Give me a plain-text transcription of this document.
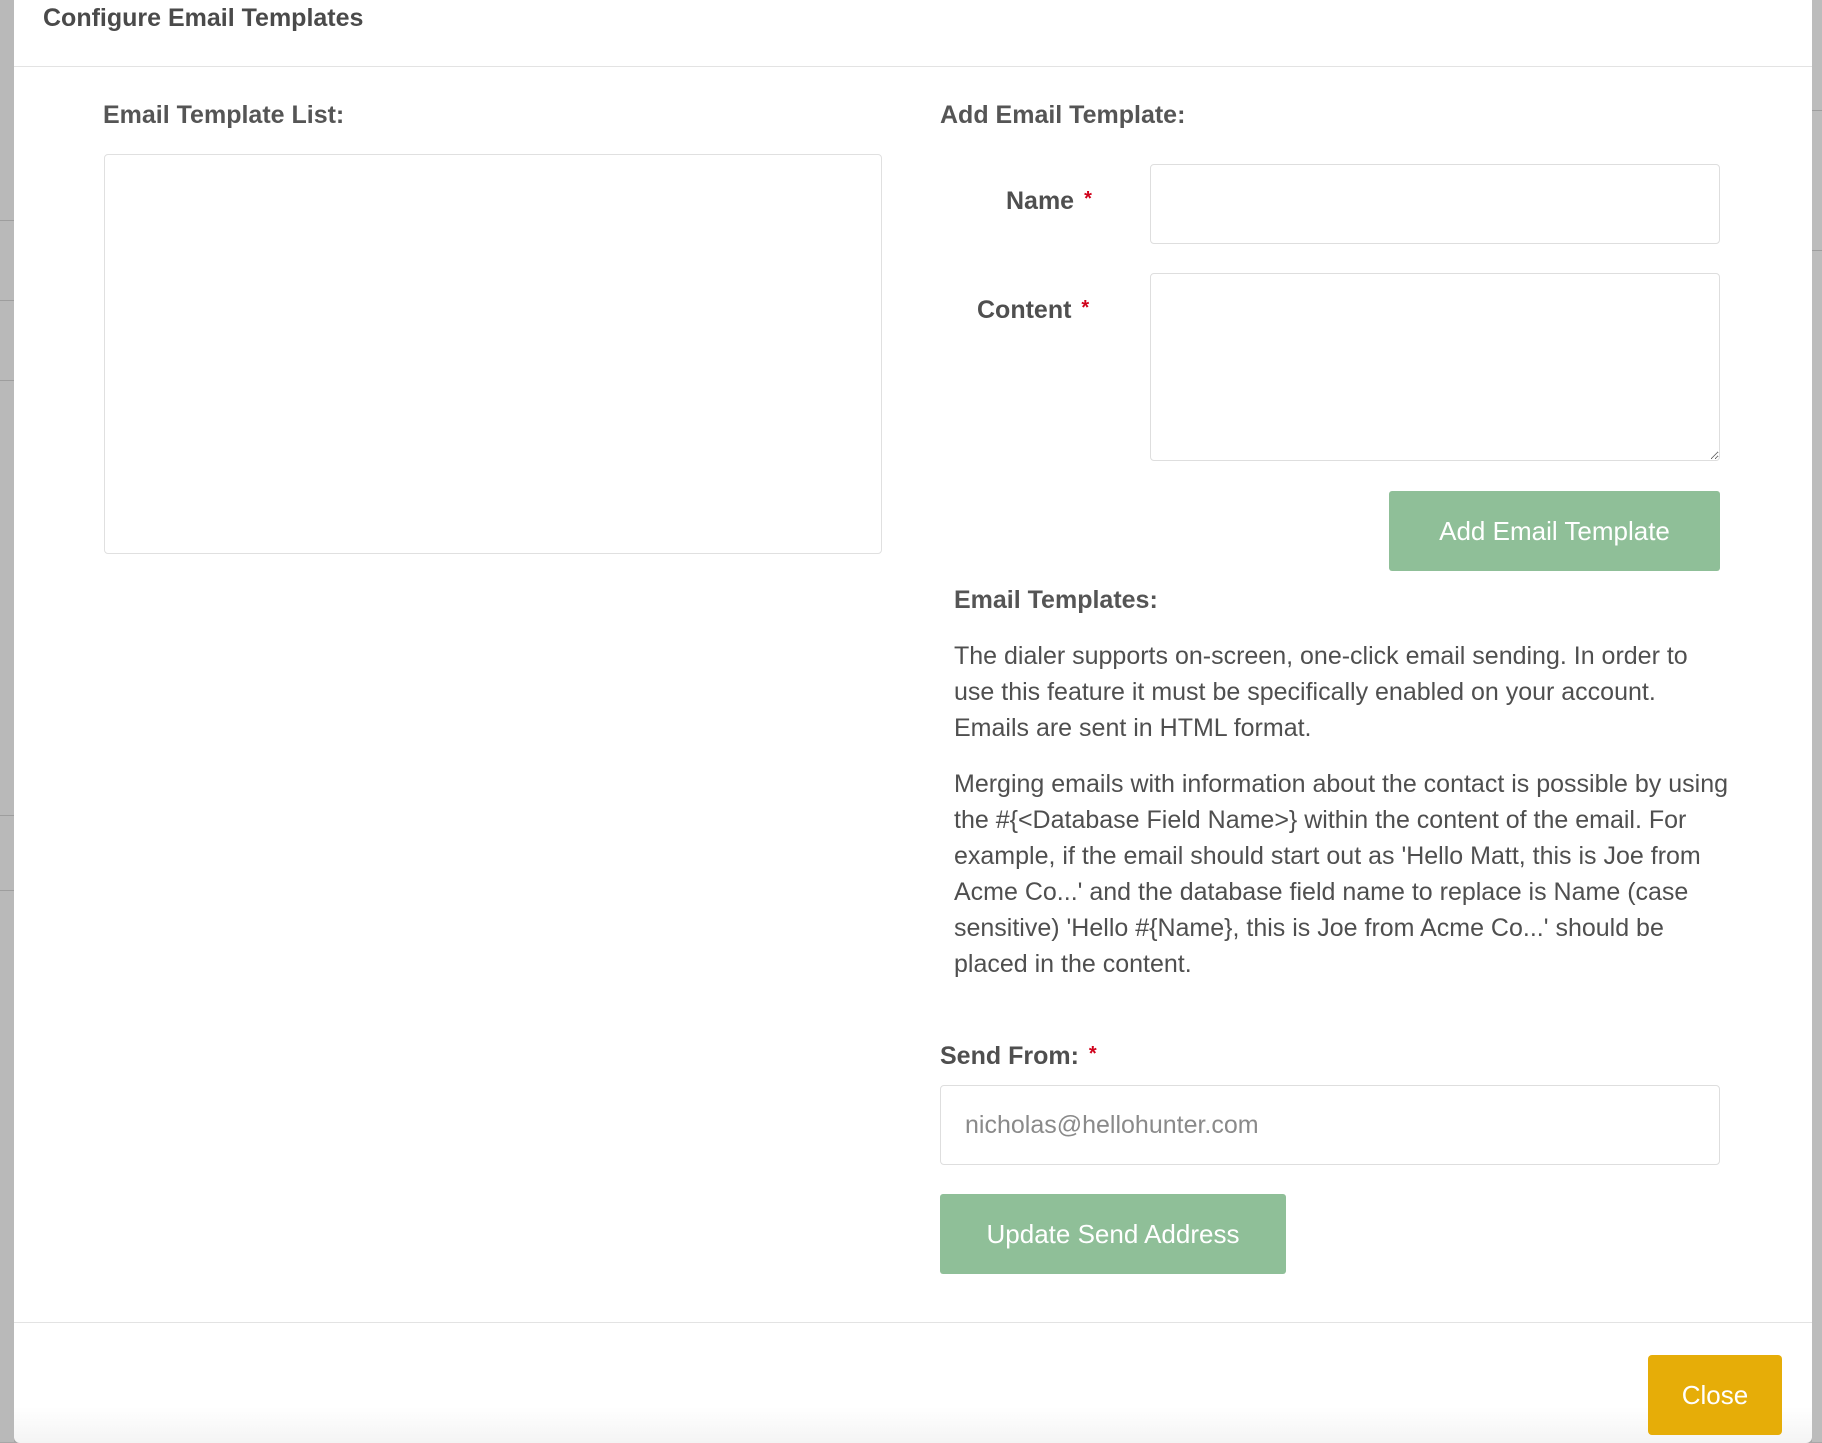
Configure Email Templates
Email Template List:	Add Email Template:
Name *
Content *
Add Email Template
Email Templates:

The dialer supports on-screen, one-click email sending. In order to use this feature it must be specifically enabled on your account. Emails are sent in HTML format.

Merging emails with information about the contact is possible by using the #{<Database Field Name>} within the content of the email. For example, if the email should start out as 'Hello Matt, this is Joe from Acme Co...' and the database field name to replace is Name (case sensitive) 'Hello #{Name}, this is Joe from Acme Co...' should be placed in the content.

Send From: *
nicholas@hellohunter.com
Update Send Address
Close
